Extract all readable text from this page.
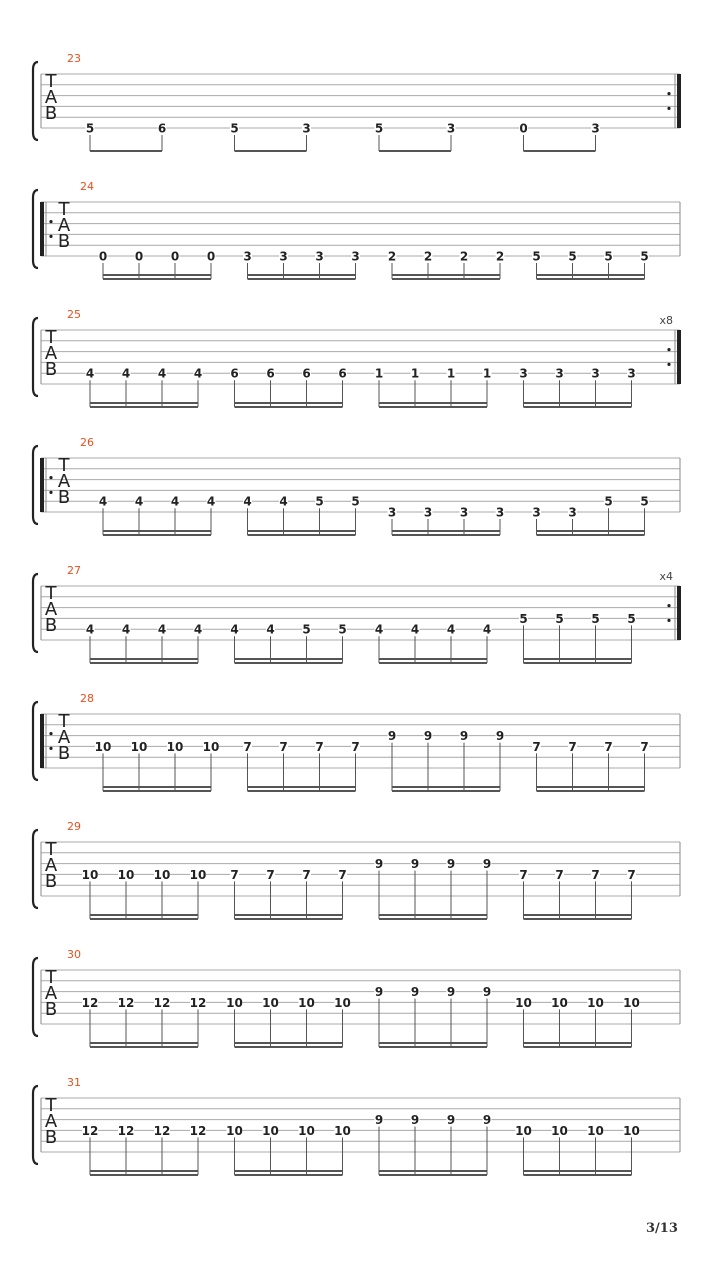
T
A
B
23
5	6	5	3	5	3	0	3
T
A
B
24
0 0 0 0 3 3 3 3 2 2 2 2 5 5 5 5
T
A
B
25	x8
4 4 4 4 6 6 6 6 1 1 1 1 3 3 3 3
T
A
B
26
4 4 4 4 4 4 5 5
3 3 3 3 3 3
5 5
T
A
B
27	x4
4 4 4 4 4 4 5 5 4 4 4 4
5 5 5 5
T
A
B
28
10 10 10 10 7 7 7 7
9 9 9 9
7 7 7 7
T
A
B
29
10 10 10 10 7 7 7 7
9 9 9 9
7 7 7 7
T
A
B
30
12 12 12 12 10 10 10 10
9 9 9 9
10 10 10 10
T
A
B
31
12 12 12 12 10 10 10 10
9 9 9 9
10 10 10 10
3/13
